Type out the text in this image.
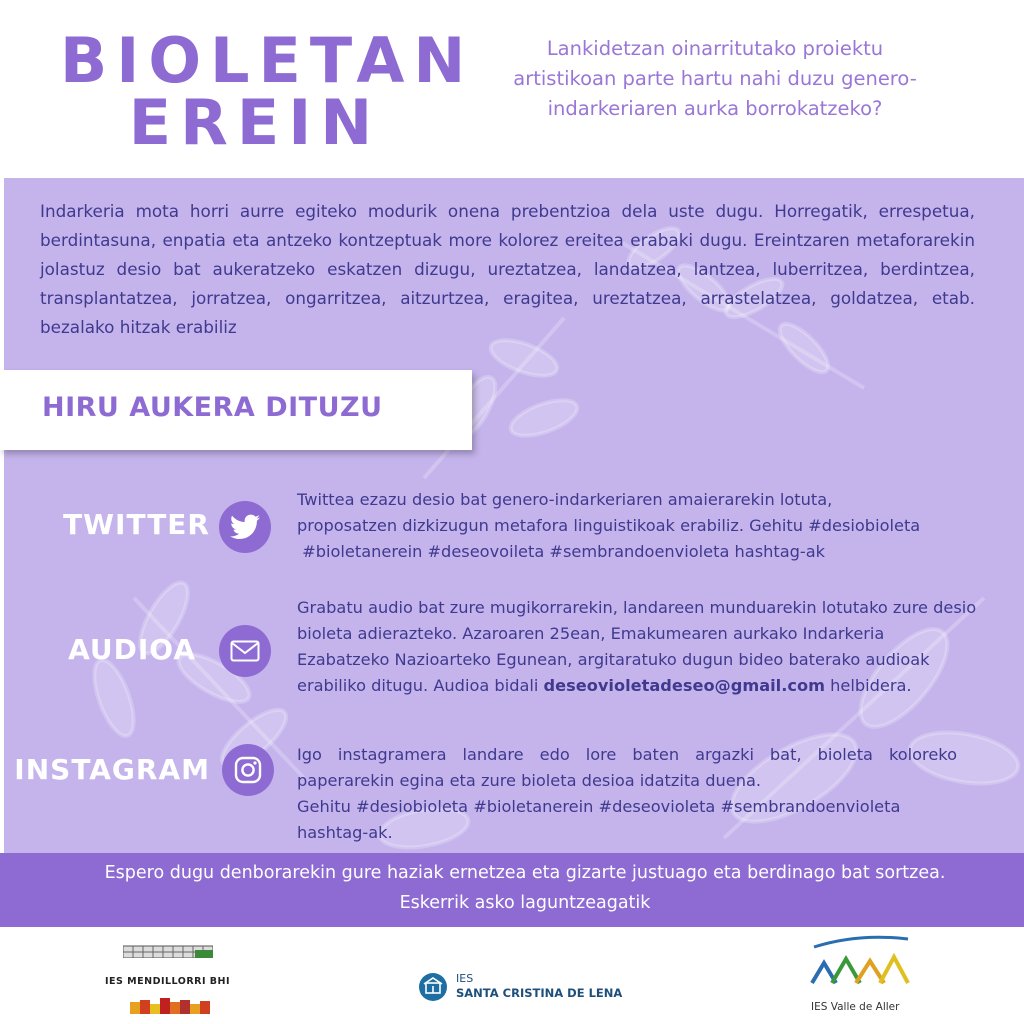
BIOLETAN
EREIN
Lankidetzan oinarritutako proiektu artistikoan parte hartu nahi duzu genero-indarkeriaren aurka borrokatzeko?
Indarkeria mota horri aurre egiteko modurik onena prebentzioa dela uste dugu. Horregatik, errespetua, berdintasuna, enpatia eta antzeko kontzeptuak more kolorez ereitea erabaki dugu. Ereintzaren metaforarekin jolastuz desio bat aukeratzeko eskatzen dizugu, ureztatzea, landatzea, lantzea, luberritzea, berdintzea, transplantatzea, jorratzea, ongarritzea, aitzurtzea, eragitea, ureztatzea, arrastelatzea, goldatzea, etab. bezalako hitzak erabiliz
HIRU AUKERA DITUZU
TWITTER
Twittea ezazu desio bat genero-indarkeriaren amaierarekin lotuta,
proposatzen dizkizugun metafora linguistikoak erabiliz. Gehitu #desiobioleta
#bioletanerein #deseovoileta #sembrandoenvioleta hashtag-ak
AUDIOA
Grabatu audio bat zure mugikorrarekin, landareen munduarekin lotutako zure desio bioleta adierazteko. Azaroaren 25ean, Emakumearen aurkako Indarkeria Ezabatzeko Nazioarteko Egunean, argitaratuko dugun bideo baterako audioak erabiliko ditugu. Audioa bidali deseovioletadeseo@gmail.com helbidera.
INSTAGRAM	Igo instagramera landare edo lore baten argazki bat, bioleta koloreko paperarekin egina eta zure bioleta desioa idatzita duena.
Gehitu #desiobioleta #bioletanerein #deseovioleta #sembrandoenvioleta hashtag-ak.
Espero dugu denborarekin gure haziak ernetzea eta gizarte justuago eta berdinago bat sortzea.
Eskerrik asko laguntzeagatik
IES MENDILLORRI BHI	IES
SANTA CRISTINA DE LENA
IES Valle de Aller
